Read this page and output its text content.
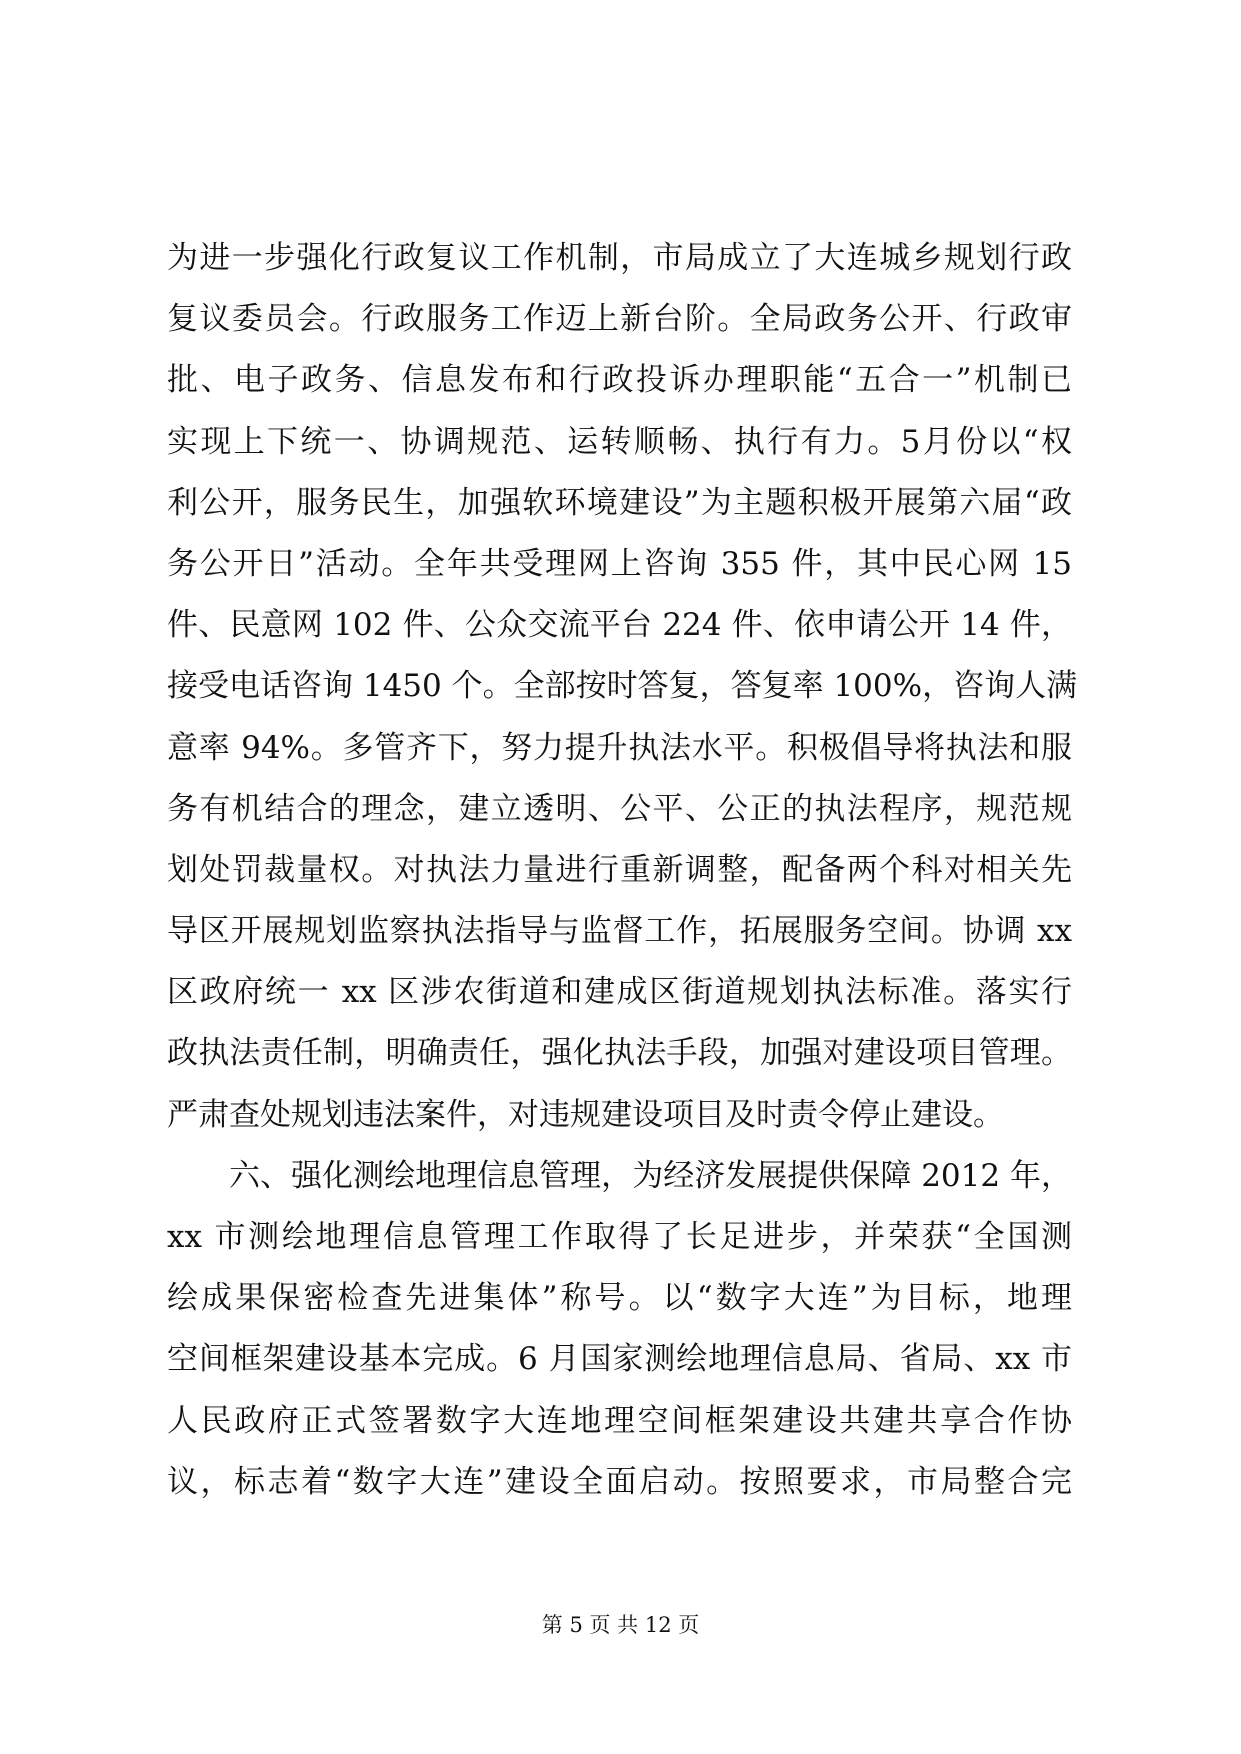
为进一步强化行政复议工作机制，市局成立了大连城乡规划行政
复议委员会。行政服务工作迈上新台阶。全局政务公开、行政审
批、电子政务、信息发布和行政投诉办理职能“五合一”机制已
实现上下统一、协调规范、运转顺畅、执行有力。5月份以“权
利公开，服务民生，加强软环境建设”为主题积极开展第六届“政
务公开日”活动。全年共受理网上咨询 355 件，其中民心网 15
件、民意网 102 件、公众交流平台 224 件、依申请公开 14 件，
接受电话咨询 1450 个。全部按时答复，答复率 100%，咨询人满
意率 94%。多管齐下，努力提升执法水平。积极倡导将执法和服
务有机结合的理念，建立透明、公平、公正的执法程序，规范规
划处罚裁量权。对执法力量进行重新调整，配备两个科对相关先
导区开展规划监察执法指导与监督工作，拓展服务空间。协调 xx
区政府统一 xx 区涉农街道和建成区街道规划执法标准。落实行
政执法责任制，明确责任，强化执法手段，加强对建设项目管理。
严肃查处规划违法案件，对违规建设项目及时责令停止建设。
六、强化测绘地理信息管理，为经济发展提供保障 2012 年，
xx 市测绘地理信息管理工作取得了长足进步，并荣获“全国测
绘成果保密检查先进集体”称号。以“数字大连”为目标，地理
空间框架建设基本完成。6 月国家测绘地理信息局、省局、xx 市
人民政府正式签署数字大连地理空间框架建设共建共享合作协
议，标志着“数字大连”建设全面启动。按照要求，市局整合完
第 5 页 共 12 页
